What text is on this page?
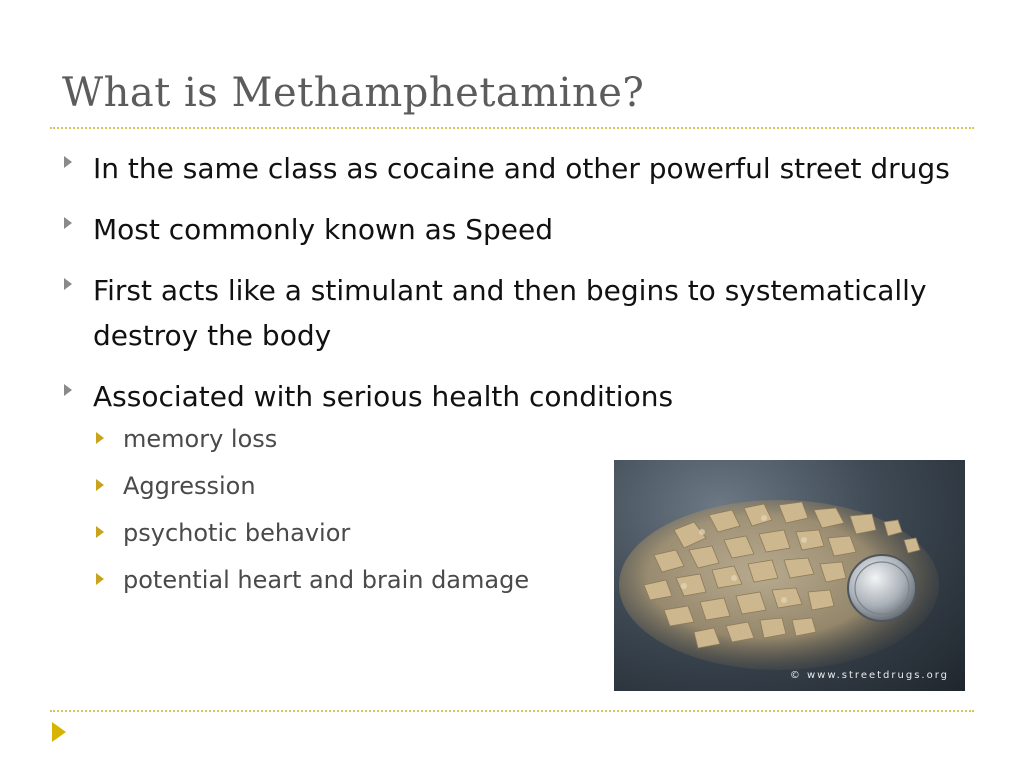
What is Methamphetamine?
In the same class as cocaine and other powerful street drugs
Most commonly known as Speed
First acts like a stimulant and then begins to systematically destroy the body
Associated with serious health conditions
memory loss
Aggression
psychotic behavior
potential heart and brain damage
© www.streetdrugs.org
